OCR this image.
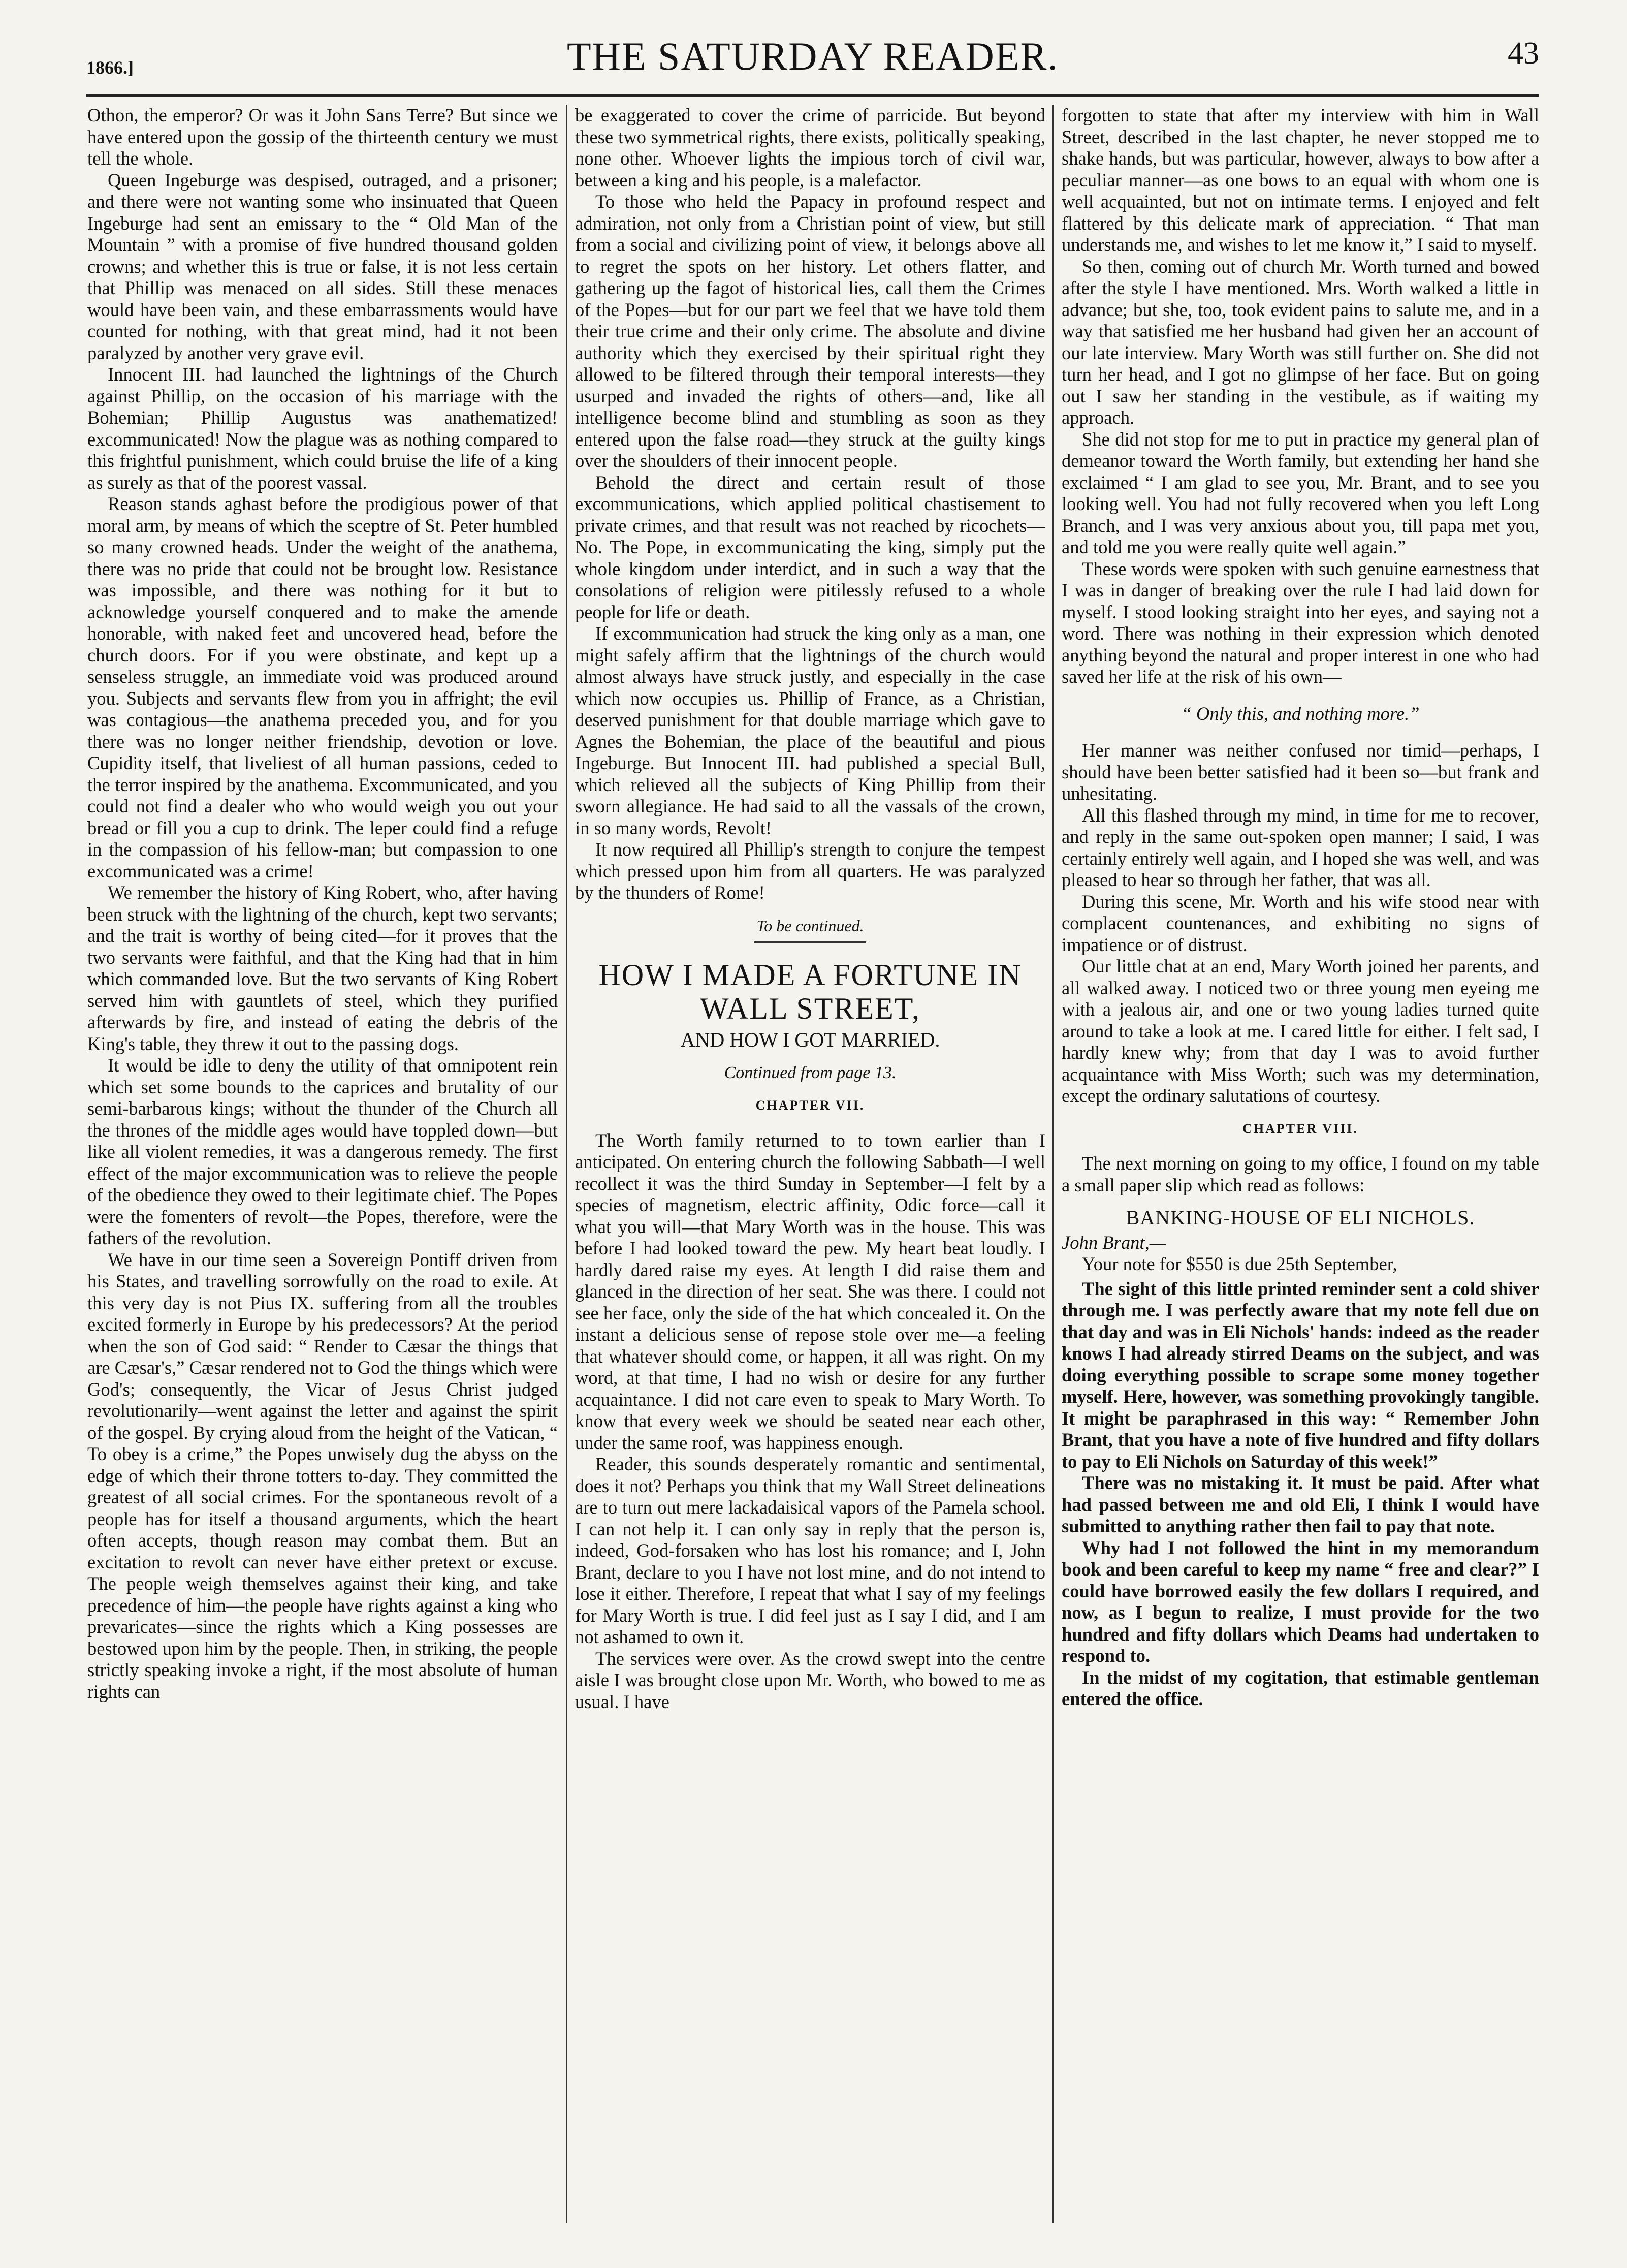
1866.]	THE SATURDAY READER.	43

Othon, the emperor? Or was it John Sans Terre? But since we have entered upon the gossip of the thirteenth century we must tell the whole.

Queen Ingeburge was despised, outraged, and a prisoner; and there were not wanting some who insinuated that Queen Ingeburge had sent an emissary to the “ Old Man of the Mountain ” with a promise of five hundred thousand golden crowns; and whether this is true or false, it is not less certain that Phillip was menaced on all sides. Still these menaces would have been vain, and these embarrassments would have counted for nothing, with that great mind, had it not been paralyzed by another very grave evil.

Innocent III. had launched the lightnings of the Church against Phillip, on the occasion of his marriage with the Bohemian; Phillip Augustus was anathematized! excommunicated! Now the plague was as nothing compared to this frightful punishment, which could bruise the life of a king as surely as that of the poorest vassal.

Reason stands aghast before the prodigious power of that moral arm, by means of which the sceptre of St. Peter humbled so many crowned heads. Under the weight of the anathema, there was no pride that could not be brought low. Resistance was impossible, and there was nothing for it but to acknowledge yourself conquered and to make the amende honorable, with naked feet and uncovered head, before the church doors. For if you were obstinate, and kept up a senseless struggle, an immediate void was produced around you. Subjects and servants flew from you in affright; the evil was contagious—the anathema preceded you, and for you there was no longer neither friendship, devotion or love. Cupidity itself, that liveliest of all human passions, ceded to the terror inspired by the anathema. Excommunicated, and you could not find a dealer who who would weigh you out your bread or fill you a cup to drink. The leper could find a refuge in the compassion of his fellow-man; but compassion to one excommunicated was a crime!

We remember the history of King Robert, who, after having been struck with the lightning of the church, kept two servants; and the trait is worthy of being cited—for it proves that the two servants were faithful, and that the King had that in him which commanded love. But the two servants of King Robert served him with gauntlets of steel, which they purified afterwards by fire, and instead of eating the debris of the King's table, they threw it out to the passing dogs.

It would be idle to deny the utility of that omnipotent rein which set some bounds to the caprices and brutality of our semi-barbarous kings; without the thunder of the Church all the thrones of the middle ages would have toppled down—but like all violent remedies, it was a dangerous remedy. The first effect of the major excommunication was to relieve the people of the obedience they owed to their legitimate chief. The Popes were the fomenters of revolt—the Popes, therefore, were the fathers of the revolution.

We have in our time seen a Sovereign Pontiff driven from his States, and travelling sorrowfully on the road to exile. At this very day is not Pius IX. suffering from all the troubles excited formerly in Europe by his predecessors? At the period when the son of God said: “ Render to Cæsar the things that are Cæsar's,” Cæsar rendered not to God the things which were God's; consequently, the Vicar of Jesus Christ judged revolutionarily—went against the letter and against the spirit of the gospel. By crying aloud from the height of the Vatican, “ To obey is a crime,” the Popes unwisely dug the abyss on the edge of which their throne totters to-day. They committed the greatest of all social crimes. For the spontaneous revolt of a people has for itself a thousand arguments, which the heart often accepts, though reason may combat them. But an excitation to revolt can never have either pretext or excuse. The people weigh themselves against their king, and take precedence of him—the people have rights against a king who prevaricates—since the rights which a King possesses are bestowed upon him by the people. Then, in striking, the people strictly speaking invoke a right, if the most absolute of human rights can

be exaggerated to cover the crime of parricide. But beyond these two symmetrical rights, there exists, politically speaking, none other. Whoever lights the impious torch of civil war, between a king and his people, is a malefactor.

To those who held the Papacy in profound respect and admiration, not only from a Christian point of view, but still from a social and civilizing point of view, it belongs above all to regret the spots on her history. Let others flatter, and gathering up the fagot of historical lies, call them the Crimes of the Popes—but for our part we feel that we have told them their true crime and their only crime. The absolute and divine authority which they exercised by their spiritual right they allowed to be filtered through their temporal interests—they usurped and invaded the rights of others—and, like all intelligence become blind and stumbling as soon as they entered upon the false road—they struck at the guilty kings over the shoulders of their innocent people.

Behold the direct and certain result of those excommunications, which applied political chastisement to private crimes, and that result was not reached by ricochets—No. The Pope, in excommunicating the king, simply put the whole kingdom under interdict, and in such a way that the consolations of religion were pitilessly refused to a whole people for life or death.

If excommunication had struck the king only as a man, one might safely affirm that the lightnings of the church would almost always have struck justly, and especially in the case which now occupies us. Phillip of France, as a Christian, deserved punishment for that double marriage which gave to Agnes the Bohemian, the place of the beautiful and pious Ingeburge. But Innocent III. had published a special Bull, which relieved all the subjects of King Phillip from their sworn allegiance. He had said to all the vassals of the crown, in so many words, Revolt!

It now required all Phillip's strength to conjure the tempest which pressed upon him from all quarters. He was paralyzed by the thunders of Rome!

To be continued.
HOW I MADE A FORTUNE IN WALL STREET,
AND HOW I GOT MARRIED.
Continued from page 13.
CHAPTER VII.

The Worth family returned to to town earlier than I anticipated. On entering church the following Sabbath—I well recollect it was the third Sunday in September—I felt by a species of magnetism, electric affinity, Odic force—call it what you will—that Mary Worth was in the house. This was before I had looked toward the pew. My heart beat loudly. I hardly dared raise my eyes. At length I did raise them and glanced in the direction of her seat. She was there. I could not see her face, only the side of the hat which concealed it. On the instant a delicious sense of repose stole over me—a feeling that whatever should come, or happen, it all was right. On my word, at that time, I had no wish or desire for any further acquaintance. I did not care even to speak to Mary Worth. To know that every week we should be seated near each other, under the same roof, was happiness enough.

Reader, this sounds desperately romantic and sentimental, does it not? Perhaps you think that my Wall Street delineations are to turn out mere lackadaisical vapors of the Pamela school. I can not help it. I can only say in reply that the person is, indeed, God-forsaken who has lost his romance; and I, John Brant, declare to you I have not lost mine, and do not intend to lose it either. Therefore, I repeat that what I say of my feelings for Mary Worth is true. I did feel just as I say I did, and I am not ashamed to own it.

The services were over. As the crowd swept into the centre aisle I was brought close upon Mr. Worth, who bowed to me as usual. I have

forgotten to state that after my interview with him in Wall Street, described in the last chapter, he never stopped me to shake hands, but was particular, however, always to bow after a peculiar manner—as one bows to an equal with whom one is well acquainted, but not on intimate terms. I enjoyed and felt flattered by this delicate mark of appreciation. “ That man understands me, and wishes to let me know it,” I said to myself.

So then, coming out of church Mr. Worth turned and bowed after the style I have mentioned. Mrs. Worth walked a little in advance; but she, too, took evident pains to salute me, and in a way that satisfied me her husband had given her an account of our late interview. Mary Worth was still further on. She did not turn her head, and I got no glimpse of her face. But on going out I saw her standing in the vestibule, as if waiting my approach.

She did not stop for me to put in practice my general plan of demeanor toward the Worth family, but extending her hand she exclaimed “ I am glad to see you, Mr. Brant, and to see you looking well. You had not fully recovered when you left Long Branch, and I was very anxious about you, till papa met you, and told me you were really quite well again.”

These words were spoken with such genuine earnestness that I was in danger of breaking over the rule I had laid down for myself. I stood looking straight into her eyes, and saying not a word. There was nothing in their expression which denoted anything beyond the natural and proper interest in one who had saved her life at the risk of his own—

“ Only this, and nothing more.”

Her manner was neither confused nor timid—perhaps, I should have been better satisfied had it been so—but frank and unhesitating.

All this flashed through my mind, in time for me to recover, and reply in the same out-spoken open manner; I said, I was certainly entirely well again, and I hoped she was well, and was pleased to hear so through her father, that was all.

During this scene, Mr. Worth and his wife stood near with complacent countenances, and exhibiting no signs of impatience or of distrust.

Our little chat at an end, Mary Worth joined her parents, and all walked away. I noticed two or three young men eyeing me with a jealous air, and one or two young ladies turned quite around to take a look at me. I cared little for either. I felt sad, I hardly knew why; from that day I was to avoid further acquaintance with Miss Worth; such was my determination, except the ordinary salutations of courtesy.

CHAPTER VIII.

The next morning on going to my office, I found on my table a small paper slip which read as follows:

BANKING-HOUSE OF ELI NICHOLS.
John Brant,—
Your note for $550 is due 25th September,

The sight of this little printed reminder sent a cold shiver through me. I was perfectly aware that my note fell due on that day and was in Eli Nichols' hands: indeed as the reader knows I had already stirred Deams on the subject, and was doing everything possible to scrape some money together myself. Here, however, was something provokingly tangible. It might be paraphrased in this way: “ Remember John Brant, that you have a note of five hundred and fifty dollars to pay to Eli Nichols on Saturday of this week!”

There was no mistaking it. It must be paid. After what had passed between me and old Eli, I think I would have submitted to anything rather then fail to pay that note.

Why had I not followed the hint in my memorandum book and been careful to keep my name “ free and clear?” I could have borrowed easily the few dollars I required, and now, as I begun to realize, I must provide for the two hundred and fifty dollars which Deams had undertaken to respond to.

In the midst of my cogitation, that estimable gentleman entered the office.
